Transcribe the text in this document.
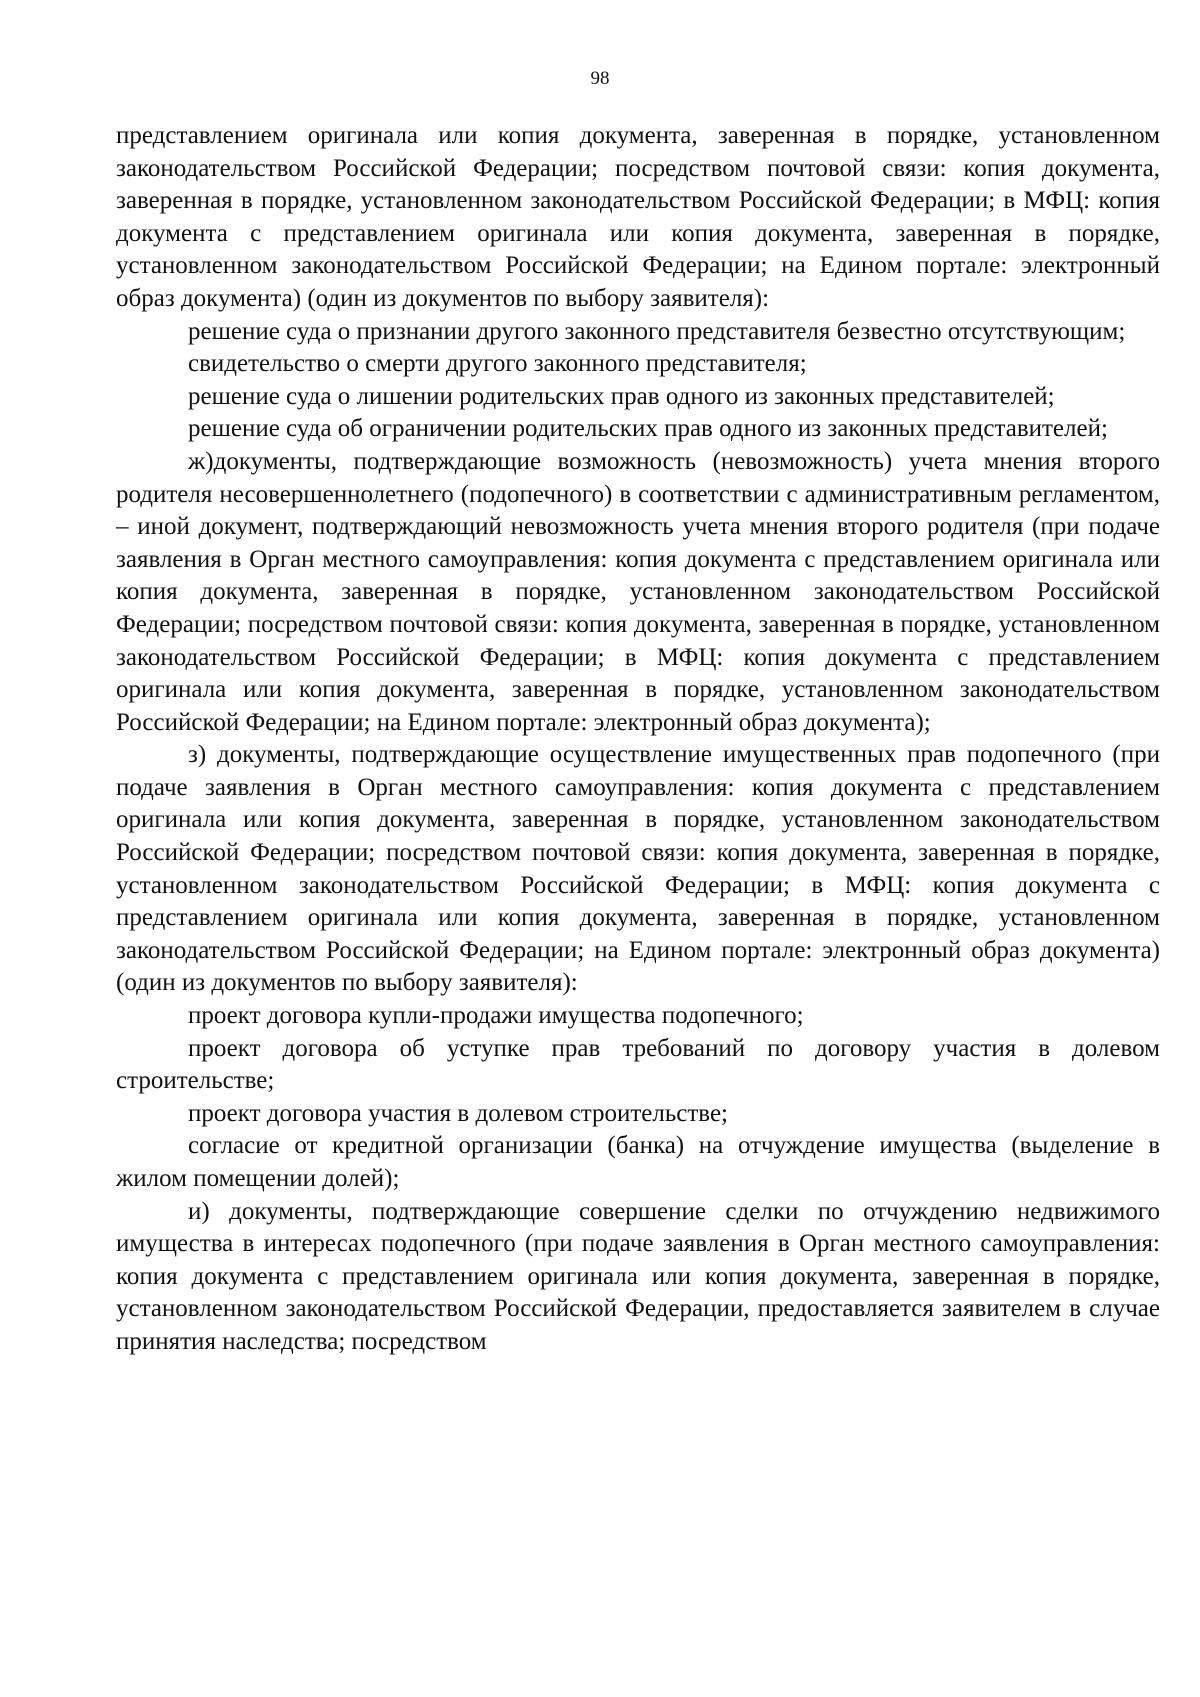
98

представлением оригинала или копия документа, заверенная в порядке, установленном законодательством Российской Федерации; посредством почтовой связи: копия документа, заверенная в порядке, установленном законодательством Российской Федерации; в МФЦ: копия документа с представлением оригинала или копия документа, заверенная в порядке, установленном законодательством Российской Федерации; на Едином портале: электронный образ документа) (один из документов по выбору заявителя):

решение суда о признании другого законного представителя безвестно отсутствующим;

свидетельство о смерти другого законного представителя;

решение суда о лишении родительских прав одного из законных представителей;

решение суда об ограничении родительских прав одного из законных представителей;

ж)документы, подтверждающие возможность (невозможность) учета мнения второго родителя несовершеннолетнего (подопечного) в соответствии с административным регламентом, – иной документ, подтверждающий невозможность учета мнения второго родителя (при подаче заявления в Орган местного самоуправления: копия документа с представлением оригинала или копия документа, заверенная в порядке, установленном законодательством Российской Федерации; посредством почтовой связи: копия документа, заверенная в порядке, установленном законодательством Российской Федерации; в МФЦ: копия документа с представлением оригинала или копия документа, заверенная в порядке, установленном законодательством Российской Федерации; на Едином портале: электронный образ документа);

з) документы, подтверждающие осуществление имущественных прав подопечного (при подаче заявления в Орган местного самоуправления: копия документа с представлением оригинала или копия документа, заверенная в порядке, установленном законодательством Российской Федерации; посредством почтовой связи: копия документа, заверенная в порядке, установленном законодательством Российской Федерации; в МФЦ: копия документа с представлением оригинала или копия документа, заверенная в порядке, установленном законодательством Российской Федерации; на Едином портале: электронный образ документа) (один из документов по выбору заявителя):

проект договора купли-продажи имущества подопечного;

проект договора об уступке прав требований по договору участия в долевом строительстве;

проект договора участия в долевом строительстве;

согласие от кредитной организации (банка) на отчуждение имущества (выделение в жилом помещении долей);

и) документы, подтверждающие совершение сделки по отчуждению недвижимого имущества в интересах подопечного (при подаче заявления в Орган местного самоуправления: копия документа с представлением оригинала или копия документа, заверенная в порядке, установленном законодательством Российской Федерации, предоставляется заявителем в случае принятия наследства; посредством
